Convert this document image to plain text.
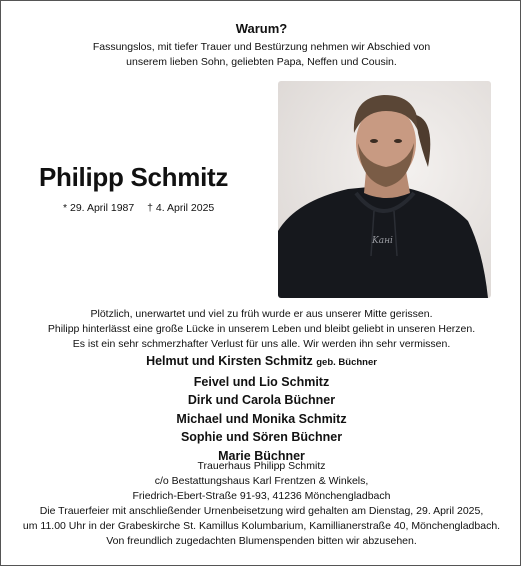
Warum?
Fassungslos, mit tiefer Trauer und Bestürzung nehmen wir Abschied von
unserem lieben Sohn, geliebten Papa, Neffen und Cousin.
Philipp Schmitz
* 29. April 1987 † 4. April 2025
Kані
Plötzlich, unerwartet und viel zu früh wurde er aus unserer Mitte gerissen.
Philipp hinterlässt eine große Lücke in unserem Leben und bleibt geliebt in unseren Herzen.
Es ist ein sehr schmerzhafter Verlust für uns alle. Wir werden ihn sehr vermissen.
Helmut und Kirsten Schmitz geb. Büchner
Feivel und Lio Schmitz
Dirk und Carola Büchner
Michael und Monika Schmitz
Sophie und Sören Büchner
Marie Büchner
Trauerhaus Philipp Schmitz
c/o Bestattungshaus Karl Frentzen & Winkels,
Friedrich-Ebert-Straße 91-93, 41236 Mönchengladbach
Die Trauerfeier mit anschließender Urnenbeisetzung wird gehalten am Dienstag, 29. April 2025,
um 11.00 Uhr in der Grabeskirche St. Kamillus Kolumbarium, Kamillianerstraße 40, Mönchengladbach.
Von freundlich zugedachten Blumenspenden bitten wir abzusehen.
